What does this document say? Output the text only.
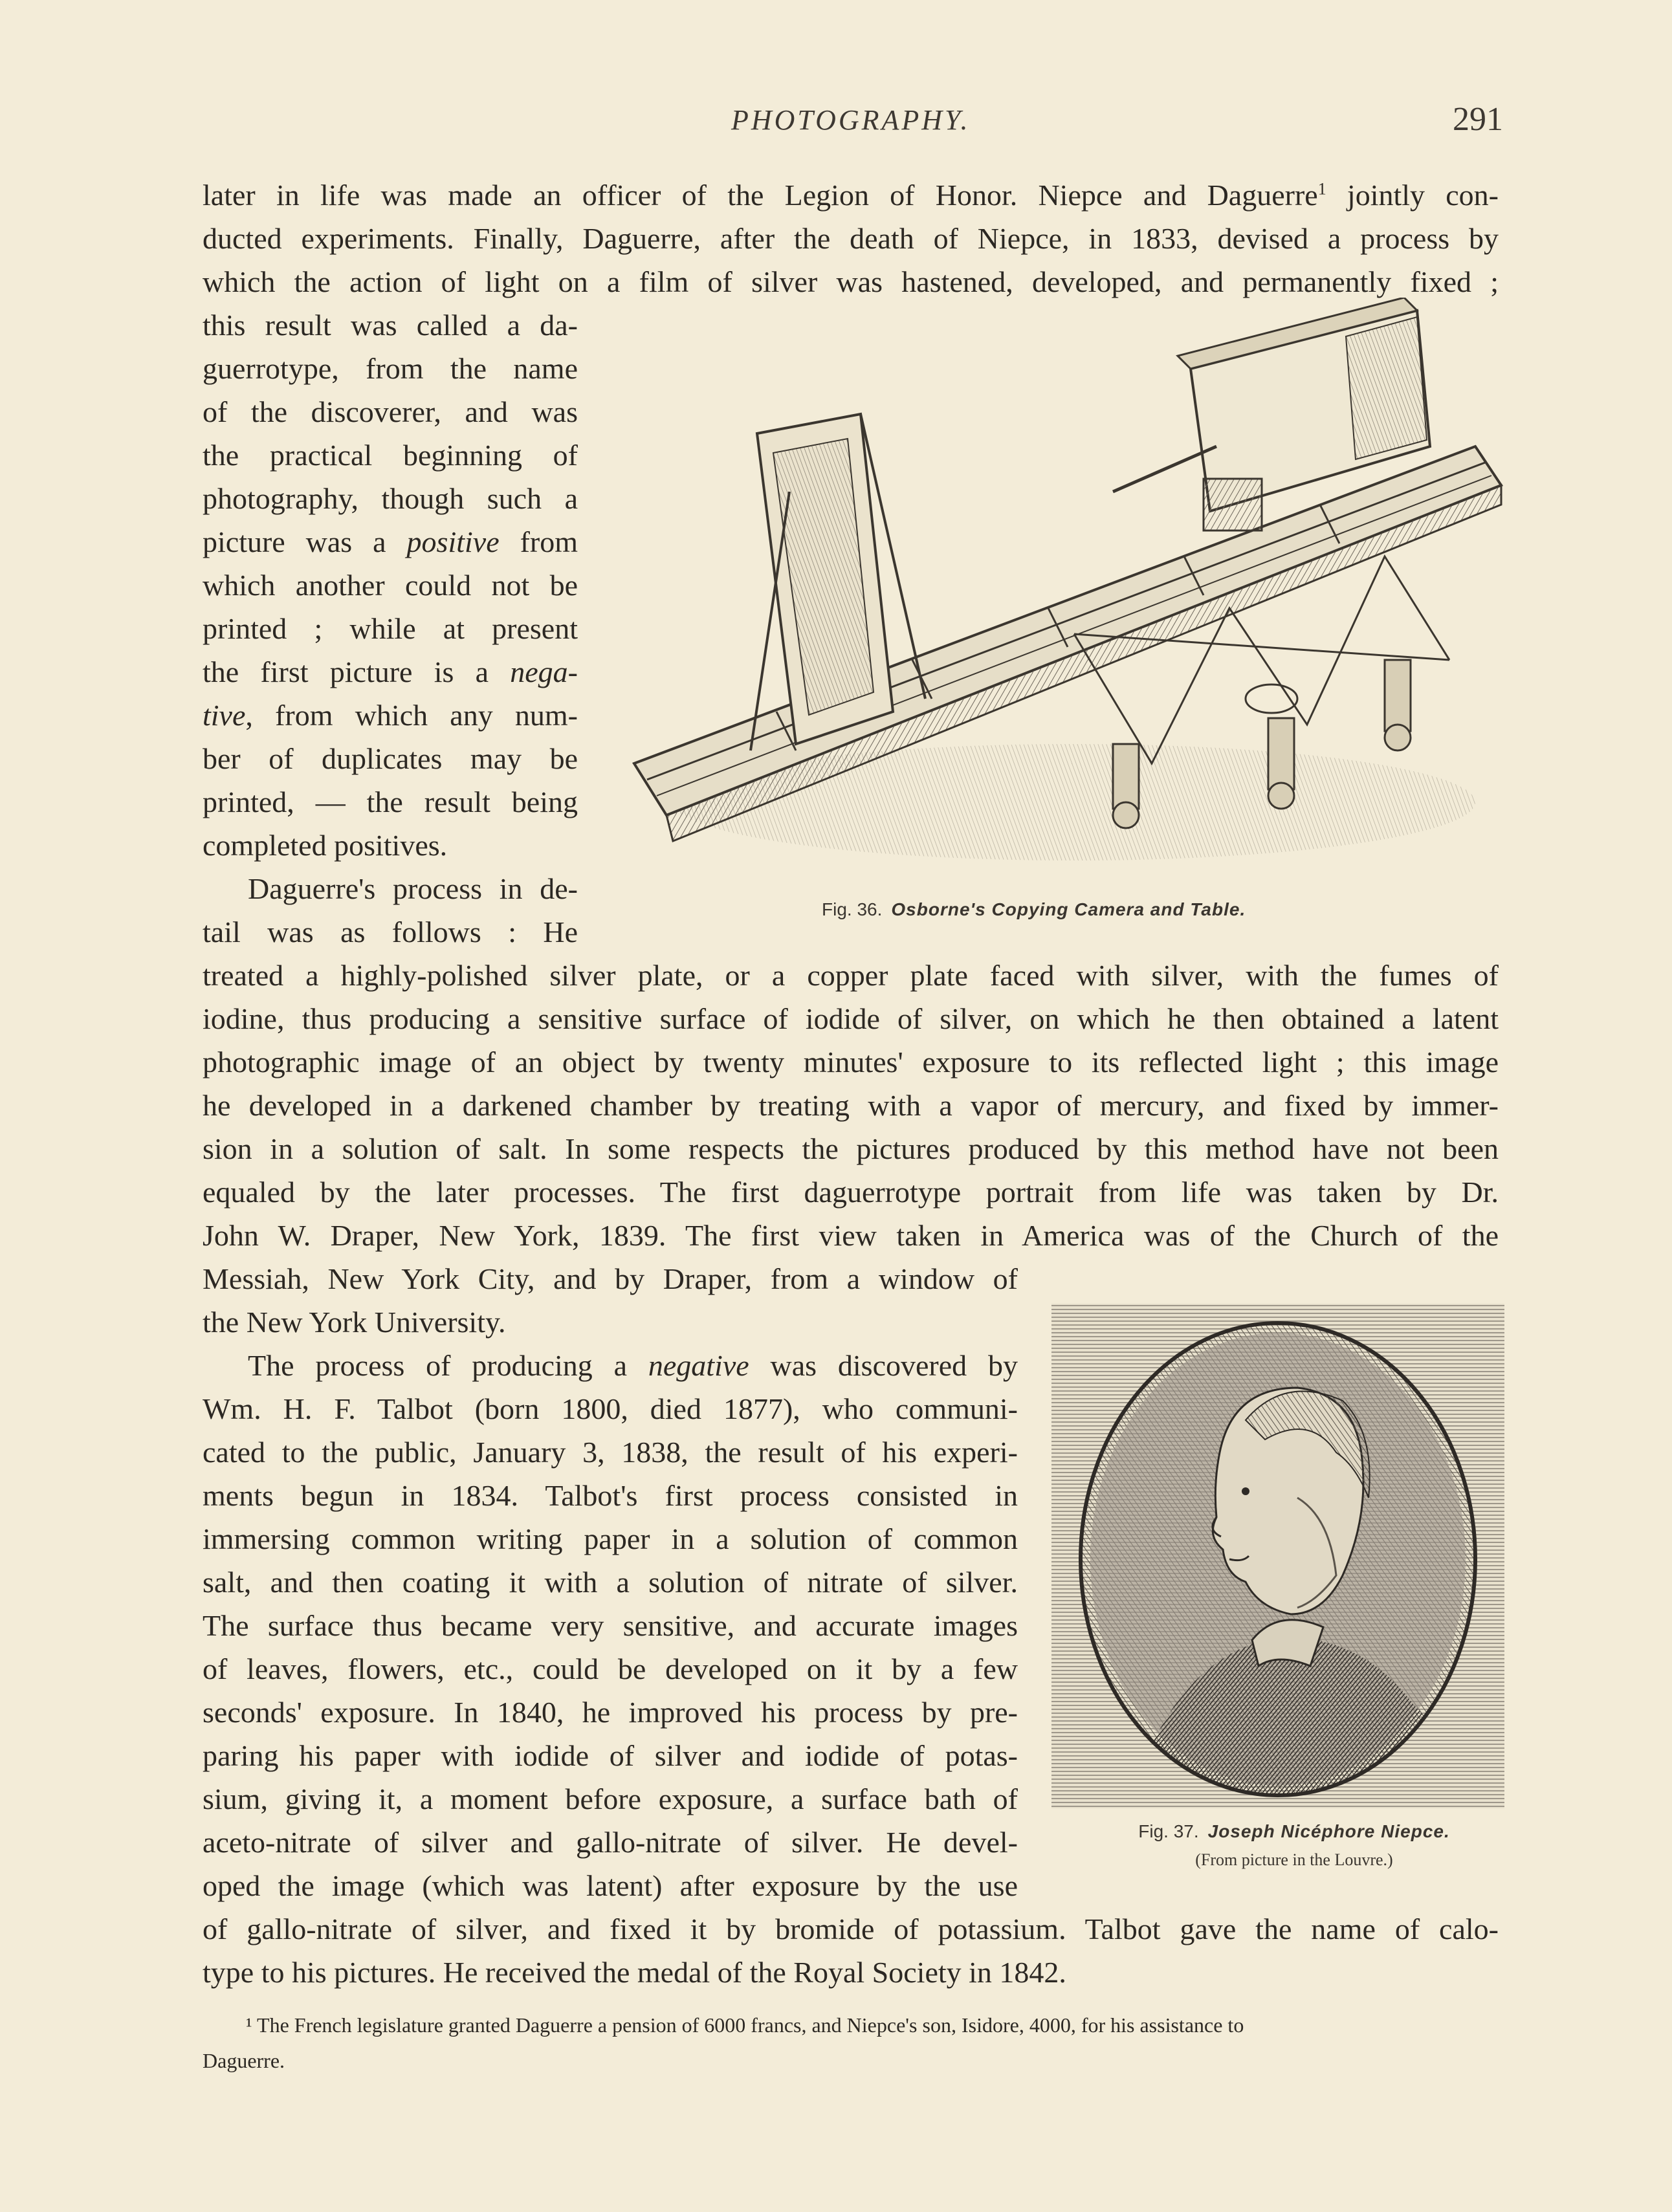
PHOTOGRAPHY.	291

later in life was made an officer of the Legion of Honor. Niepce and Daguerre$^1$ jointly con-

ducted experiments. Finally, Daguerre, after the death of Niepce, in 1833, devised a process by

which the action of light on a film of silver was hastened, developed, and permanently fixed ;

this result was called a da-

guerrotype, from the name

of the discoverer, and was

the practical beginning of

photography, though such a

picture was a positive from

which another could not be

printed ; while at present

the first picture is a nega-

tive, from which any num-

ber of duplicates may be

printed, — the result being

completed positives.

Daguerre's process in de-

tail was as follows : He

treated a highly-polished silver plate, or a copper plate faced with silver, with the fumes of

iodine, thus producing a sensitive surface of iodide of silver, on which he then obtained a latent

photographic image of an object by twenty minutes' exposure to its reflected light ; this image

he developed in a darkened chamber by treating with a vapor of mercury, and fixed by immer-

sion in a solution of salt. In some respects the pictures produced by this method have not been

equaled by the later processes. The first daguerrotype portrait from life was taken by Dr.

John W. Draper, New York, 1839. The first view taken in America was of the Church of the

Messiah, New York City, and by Draper, from a window of

the New York University.

The process of producing a negative was discovered by

Wm. H. F. Talbot (born 1800, died 1877), who communi-

cated to the public, January 3, 1838, the result of his experi-

ments begun in 1834. Talbot's first process consisted in

immersing common writing paper in a solution of common

salt, and then coating it with a solution of nitrate of silver.

The surface thus became very sensitive, and accurate images

of leaves, flowers, etc., could be developed on it by a few

seconds' exposure. In 1840, he improved his process by pre-

paring his paper with iodide of silver and iodide of potas-

sium, giving it, a moment before exposure, a surface bath of

aceto-nitrate of silver and gallo-nitrate of silver. He devel-

oped the image (which was latent) after exposure by the use

of gallo-nitrate of silver, and fixed it by bromide of potassium. Talbot gave the name of calo-

type to his pictures. He received the medal of the Royal Society in 1842.

Fig. 36. Osborne's Copying Camera and Table.
Fig. 37. Joseph Nicéphore Niepce.
(From picture in the Louvre.)

¹ The French legislature granted Daguerre a pension of 6000 francs, and Niepce's son, Isidore, 4000, for his assistance to

Daguerre.
